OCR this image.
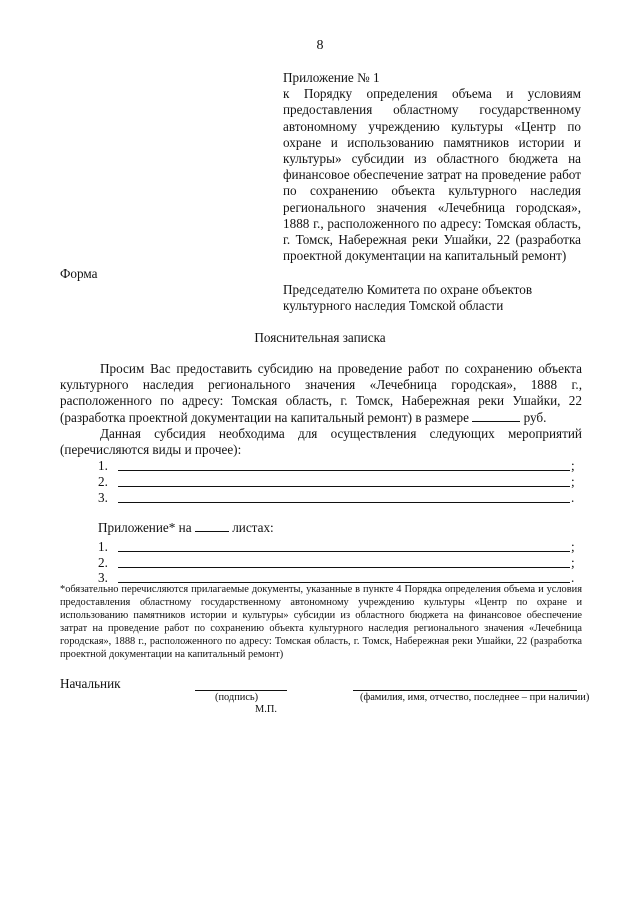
8
Приложение № 1
к Порядку определения объема и условиям предоставления областному государственному автономному учреждению культуры «Центр по охране и использованию памятников истории и культуры» субсидии из областного бюджета на финансовое обеспечение затрат на проведение работ по сохранению объекта культурного наследия регионального значения «Лечебница городская», 1888 г., расположенного по адресу: Томская область, г. Томск, Набережная реки Ушайки, 22 (разработка проектной документации на капитальный ремонт)
Форма
Председателю Комитета по охране объектов культурного наследия Томской области
Пояснительная записка

Просим Вас предоставить субсидию на проведение работ по сохранению объекта культурного наследия регионального значения «Лечебница городская», 1888 г., расположенного по адресу: Томская область, г. Томск, Набережная реки Ушайки, 22 (разработка проектной документации на капитальный ремонт) в размере	руб.

Данная субсидия необходима для осуществления следующих мероприятий (перечисляются виды и прочее):

1.	;
2.	;
3.	.
Приложение* на	листах:
1.	;
2.	;
3.	.
*обязательно перечисляются прилагаемые документы, указанные в пункте 4 Порядка определения объема и условия предоставления областному государственному автономному учреждению культуры «Центр по охране и использованию памятников истории и культуры» субсидии из областного бюджета на финансовое обеспечение затрат на проведение работ по сохранению объекта культурного наследия регионального значения «Лечебница городская», 1888 г., расположенного по адресу: Томская область, г. Томск, Набережная реки Ушайки, 22 (разработка проектной документации на капитальный ремонт)
Начальник
(подпись)	(фамилия, имя, отчество, последнее – при наличии)
М.П.
